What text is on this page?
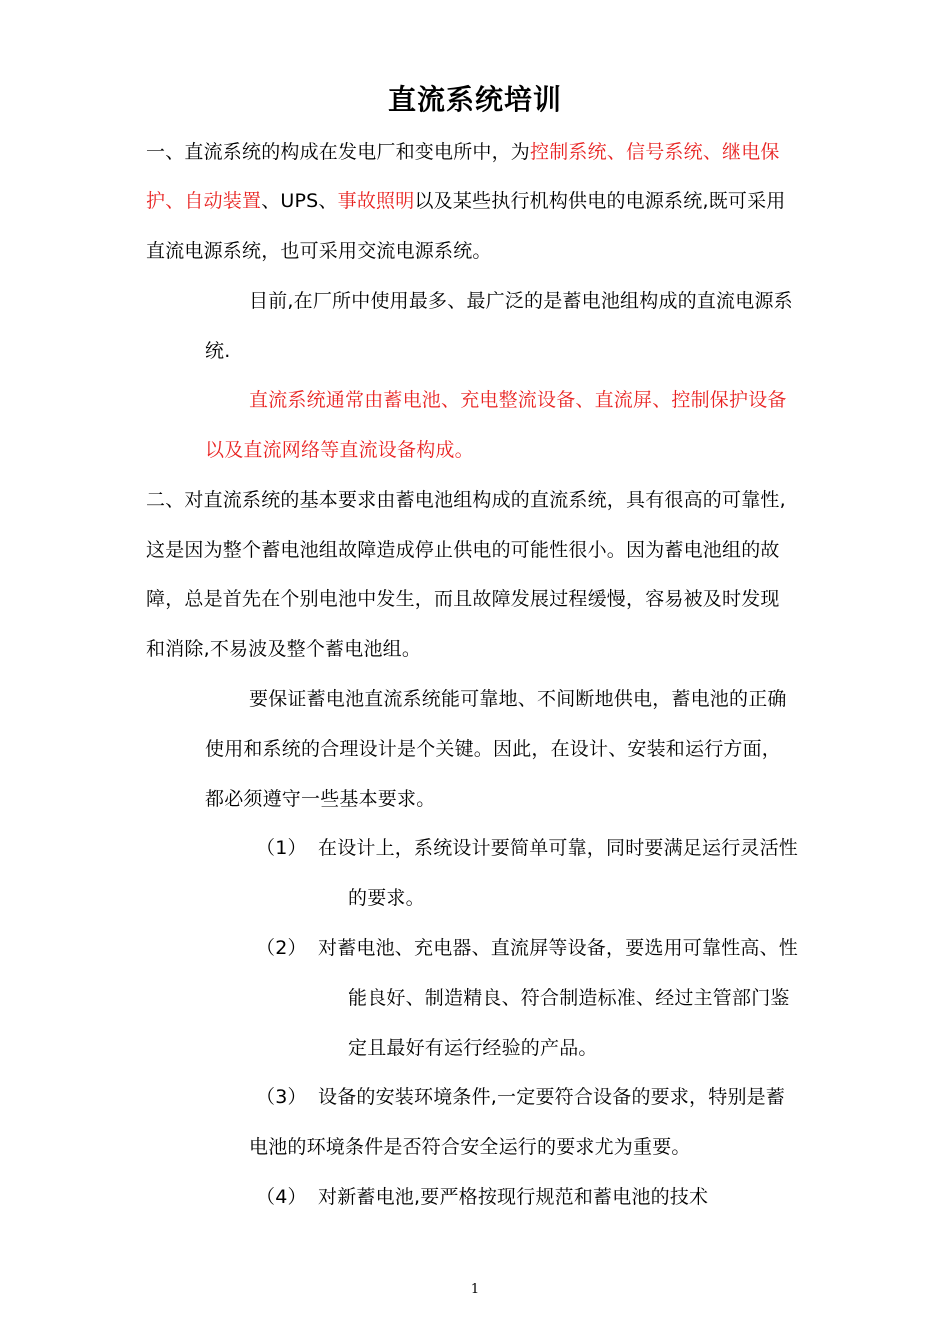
直流系统培训
一、直流系统的构成在发电厂和变电所中，为控制系统、信号系统、继电保
护、自动装置、UPS、事故照明以及某些执行机构供电的电源系统,既可采用
直流电源系统，也可采用交流电源系统。
目前,在厂所中使用最多、最广泛的是蓄电池组构成的直流电源系
统.
直流系统通常由蓄电池、充电整流设备、直流屏、控制保护设备
以及直流网络等直流设备构成。
二、对直流系统的基本要求由蓄电池组构成的直流系统，具有很高的可靠性,
这是因为整个蓄电池组故障造成停止供电的可能性很小。因为蓄电池组的故
障，总是首先在个别电池中发生，而且故障发展过程缓慢，容易被及时发现
和消除,不易波及整个蓄电池组。
要保证蓄电池直流系统能可靠地、不间断地供电，蓄电池的正确
使用和系统的合理设计是个关键。因此，在设计、安装和运行方面，
都必须遵守一些基本要求。
（1） 在设计上，系统设计要简单可靠，同时要满足运行灵活性
的要求。
（2） 对蓄电池、充电器、直流屏等设备，要选用可靠性高、性
能良好、制造精良、符合制造标准、经过主管部门鉴
定且最好有运行经验的产品。
（3） 设备的安装环境条件,一定要符合设备的要求，特别是蓄
电池的环境条件是否符合安全运行的要求尤为重要。
（4） 对新蓄电池,要严格按现行规范和蓄电池的技术
1
